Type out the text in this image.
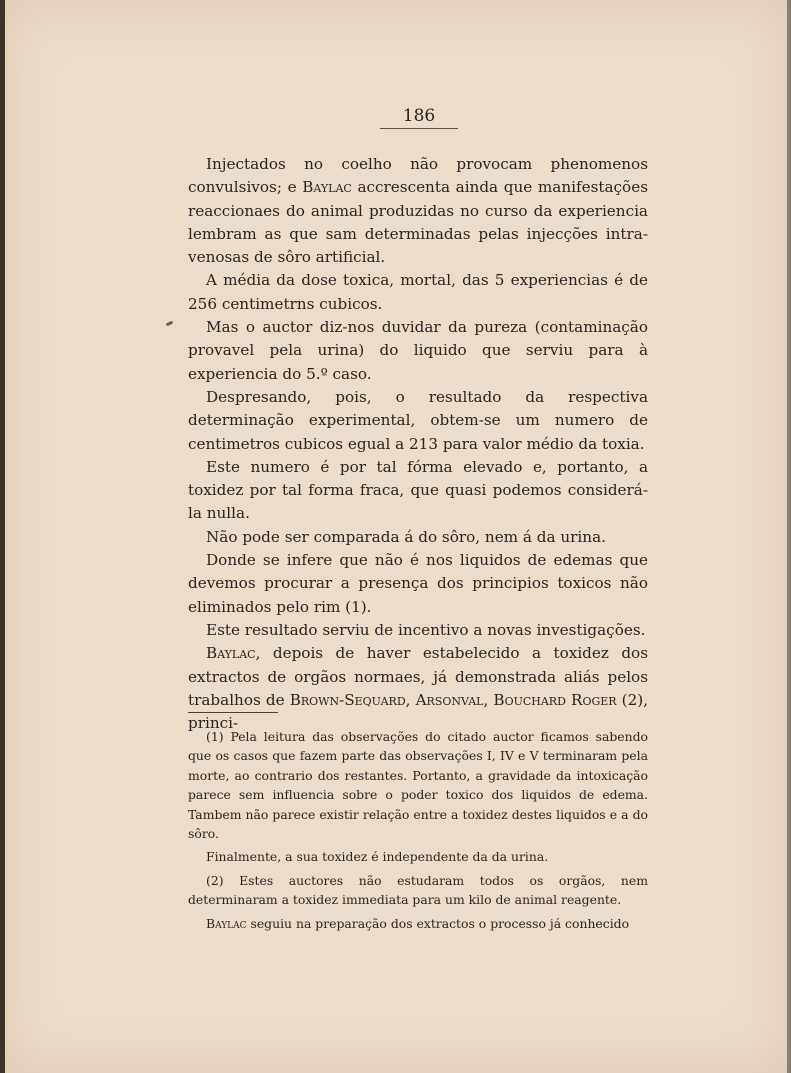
186

Injectados no coelho não provocam phenomenos convulsivos; e Baylac accrescenta ainda que manifestações reaccionaes do animal produzidas no curso da experiencia lembram as que sam determinadas pelas injecções intra-venosas de sôro artificial.

A média da dose toxica, mortal, das 5 experiencias é de 256 centimetrns cubicos.

Mas o auctor diz-nos duvidar da pureza (contaminação provavel pela urina) do liquido que serviu para à experiencia do 5.º caso.

Despresando, pois, o resultado da respectiva determinação experimental, obtem-se um numero de centimetros cubicos egual a 213 para valor médio da toxia.

Este numero é por tal fórma elevado e, portanto, a toxidez por tal forma fraca, que quasi podemos considerá-la nulla.

Não pode ser comparada á do sôro, nem á da urina.

Donde se infere que não é nos liquidos de edemas que devemos procurar a presença dos principios toxicos não eliminados pelo rim (1).

Este resultado serviu de incentivo a novas investigações.

Baylac, depois de haver estabelecido a toxidez dos extractos de orgãos normaes, já demonstrada aliás pelos trabalhos de Brown-Sequard, Arsonval, Bouchard Roger (2), princi-

(1) Pela leitura das observações do citado auctor ficamos sabendo que os casos que fazem parte das observações I, IV e V terminaram pela morte, ao contrario dos restantes. Portanto, a gravidade da intoxicação parece sem influencia sobre o poder toxico dos liquidos de edema. Tambem não parece existir relação entre a toxidez destes liquidos e a do sôro.

Finalmente, a sua toxidez é independente da da urina.

(2) Estes auctores não estudaram todos os orgãos, nem determinaram a toxidez immediata para um kilo de animal reagente.

Baylac seguiu na preparação dos extractos o processo já conhecido
